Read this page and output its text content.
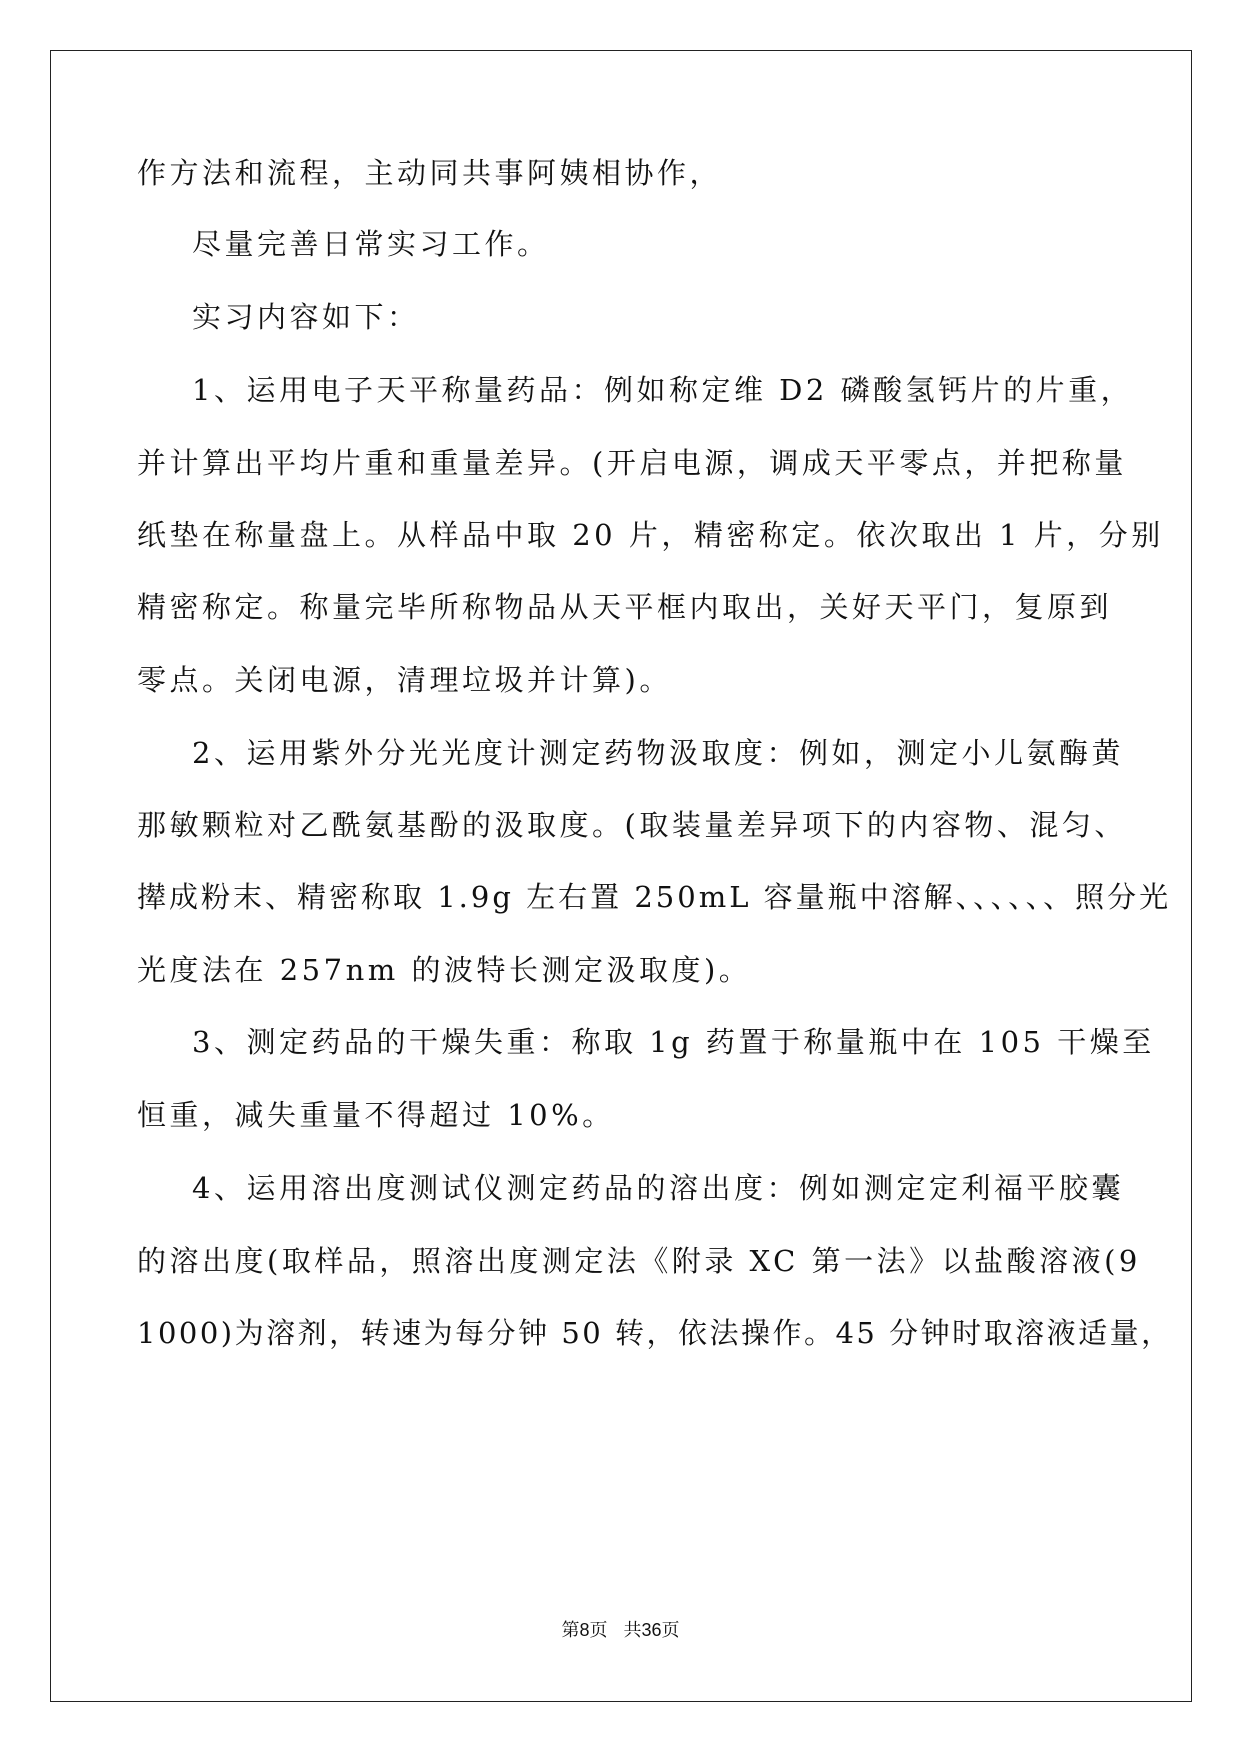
作方法和流程，主动同共事阿姨相协作，

尽量完善日常实习工作。

实习内容如下：

1、运用电子天平称量药品：例如称定维 D2 磷酸氢钙片的片重，

并计算出平均片重和重量差异。(开启电源，调成天平零点，并把称量

纸垫在称量盘上。从样品中取 20 片，精密称定。依次取出 1 片，分别

精密称定。称量完毕所称物品从天平框内取出，关好天平门，复原到

零点。关闭电源，清理垃圾并计算)。

2、运用紫外分光光度计测定药物汲取度：例如，测定小儿氨酶黄

那敏颗粒对乙酰氨基酚的汲取度。(取装量差异项下的内容物、混匀、

撵成粉末、精密称取 1.9g 左右置 250mL 容量瓶中溶解、、、、、、照分光

光度法在 257nm 的波特长测定汲取度)。

3、测定药品的干燥失重：称取 1g 药置于称量瓶中在 105 干燥至

恒重，减失重量不得超过 10%。

4、运用溶出度测试仪测定药品的溶出度：例如测定定利福平胶囊

的溶出度(取样品，照溶出度测定法《附录 XC 第一法》以盐酸溶液(9

1000)为溶剂，转速为每分钟 50 转，依法操作。45 分钟时取溶液适量，

第8页 共36页
